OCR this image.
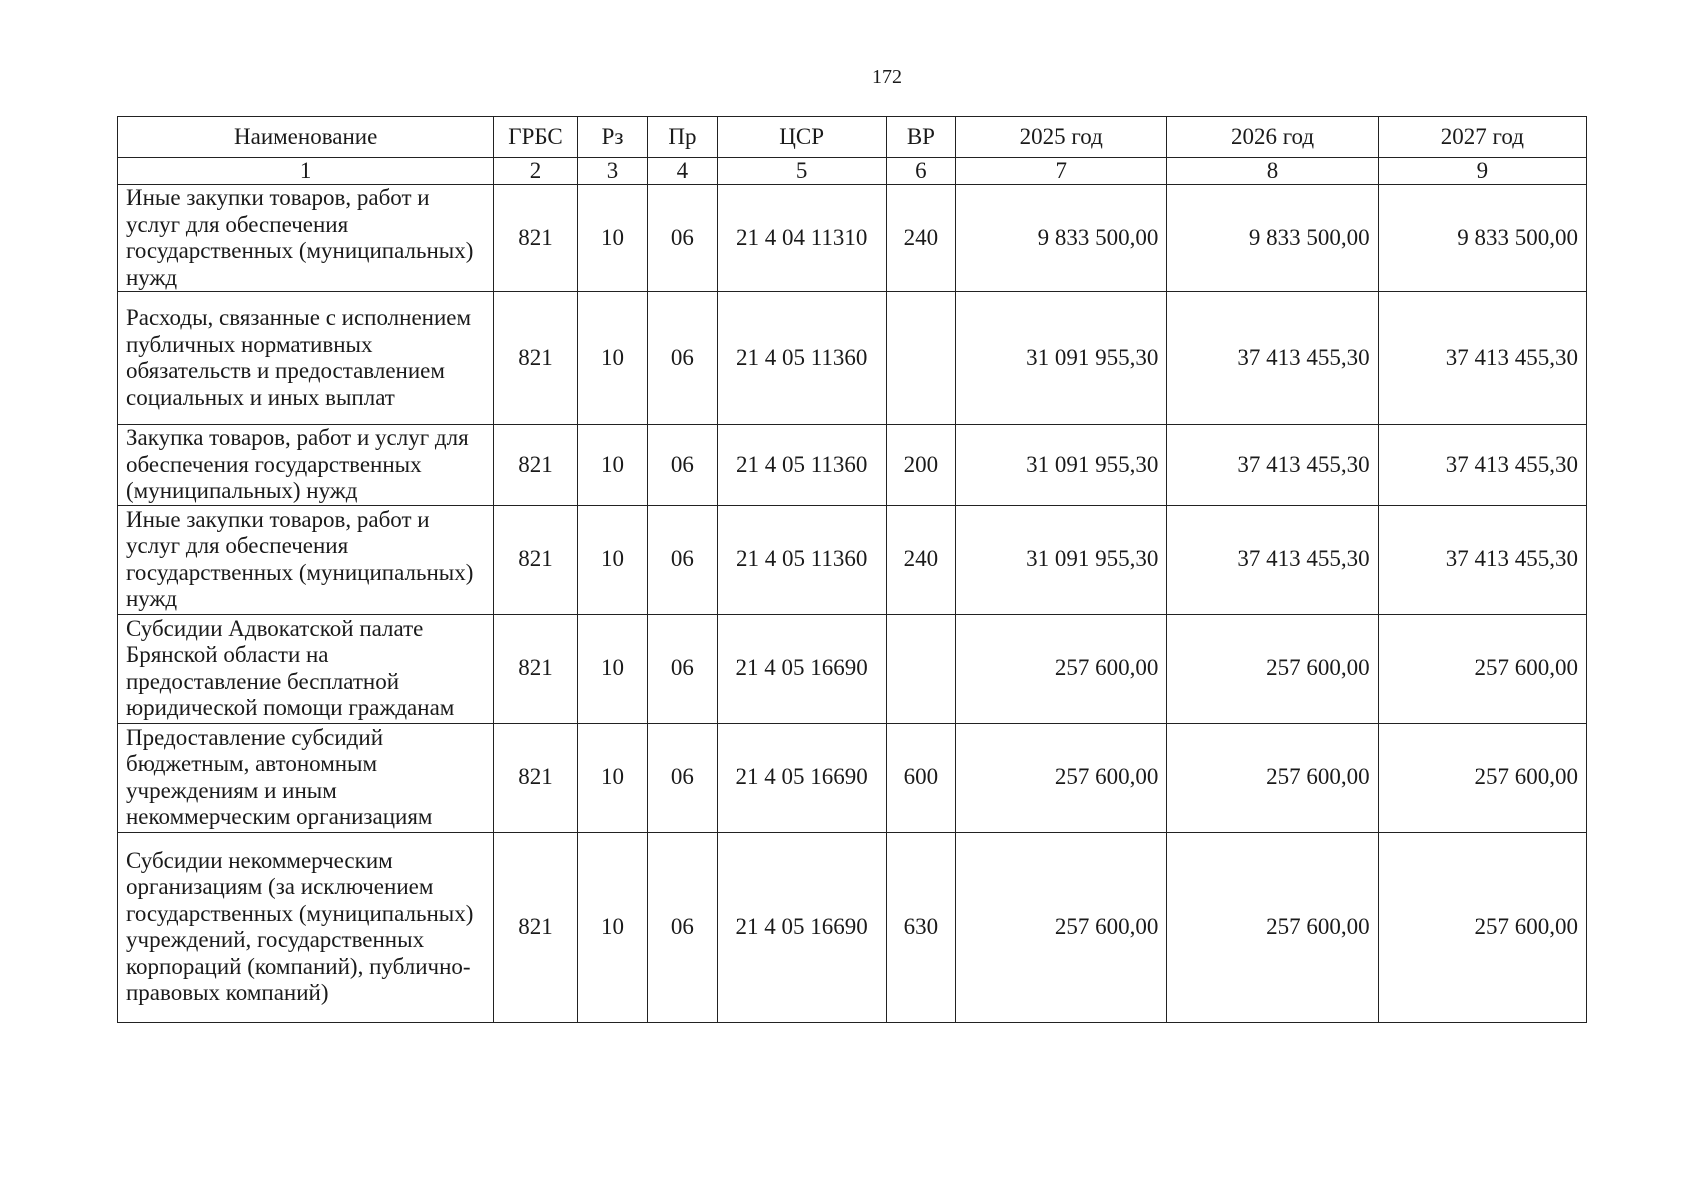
172
Наименование	ГРБС	Рз	Пр	ЦСР	ВР	2025 год	2026 год	2027 год
1	2	3	4	5	6	7	8	9
Иные закупки товаров, работ и услуг для обеспечения государственных (муниципальных) нужд	821	10	06	21 4 04 11310	240	9 833 500,00	9 833 500,00	9 833 500,00
Расходы, связанные с исполнением публичных нормативных обязательств и предоставлением социальных и иных выплат	821	10	06	21 4 05 11360		31 091 955,30	37 413 455,30	37 413 455,30
Закупка товаров, работ и услуг для обеспечения государственных (муниципальных) нужд	821	10	06	21 4 05 11360	200	31 091 955,30	37 413 455,30	37 413 455,30
Иные закупки товаров, работ и услуг для обеспечения государственных (муниципальных) нужд	821	10	06	21 4 05 11360	240	31 091 955,30	37 413 455,30	37 413 455,30
Субсидии Адвокатской палате Брянской области на предоставление бесплатной юридической помощи гражданам	821	10	06	21 4 05 16690		257 600,00	257 600,00	257 600,00
Предоставление субсидий бюджетным, автономным учреждениям и иным некоммерческим организациям	821	10	06	21 4 05 16690	600	257 600,00	257 600,00	257 600,00
Субсидии некоммерческим организациям (за исключением государственных (муниципальных) учреждений, государственных корпораций (компаний), публично-правовых компаний)	821	10	06	21 4 05 16690	630	257 600,00	257 600,00	257 600,00
